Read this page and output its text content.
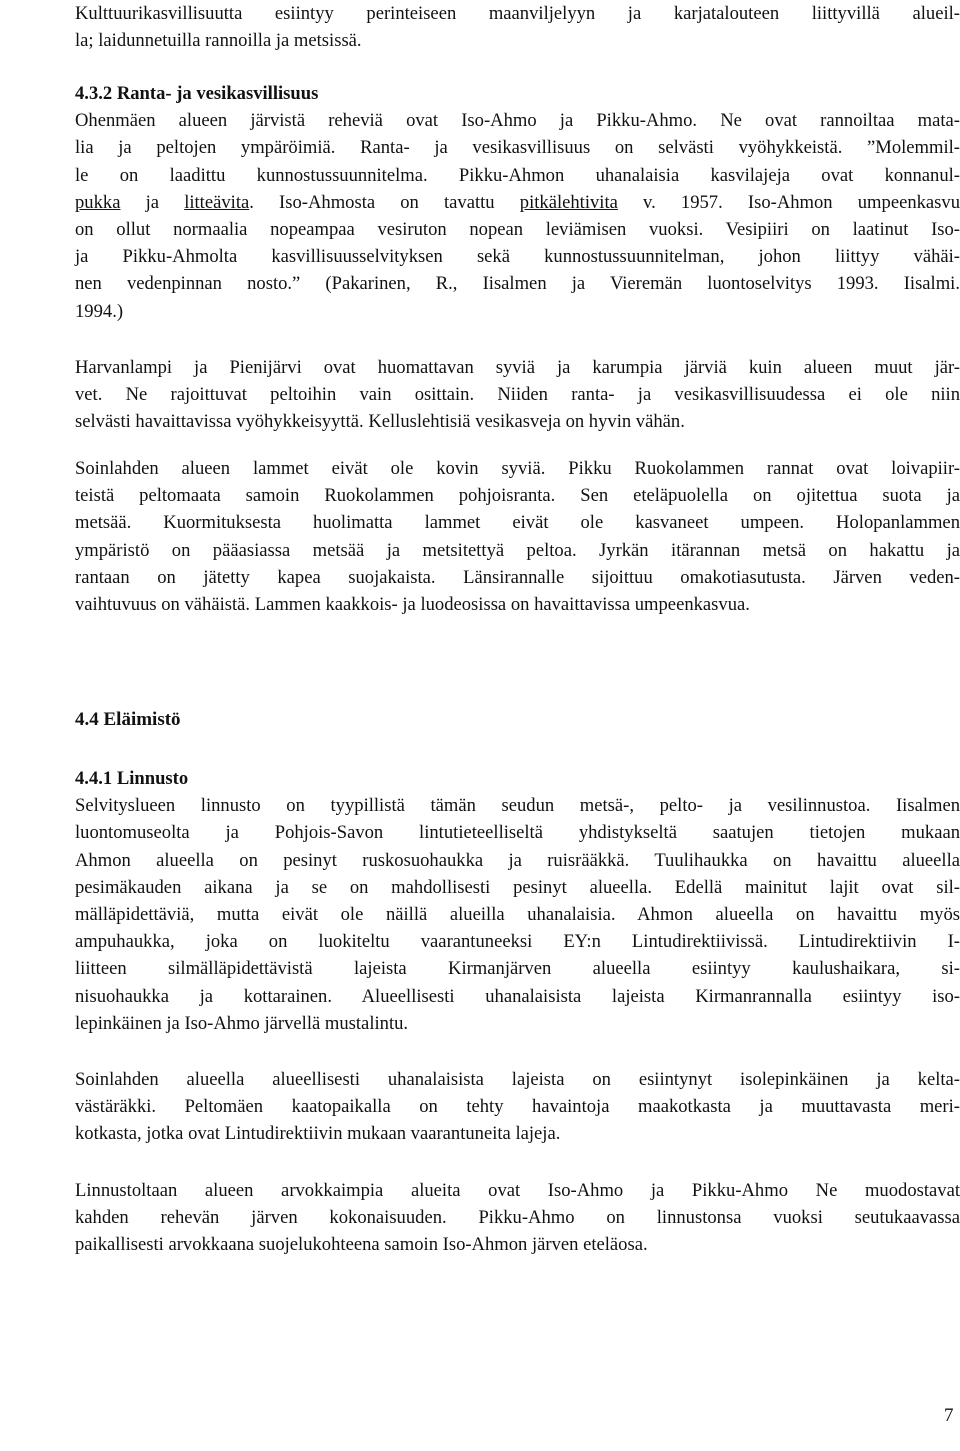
Kulttuurikasvillisuutta esiintyy perinteiseen maanviljelyyn ja karjatalouteen liittyvillä alueil-
la; laidunnetuilla rannoilla ja metsissä.
4.3.2 Ranta- ja vesikasvillisuus
Ohenmäen alueen järvistä reheviä ovat Iso-Ahmo ja Pikku-Ahmo. Ne ovat rannoiltaa mata-
lia ja peltojen ympäröimiä. Ranta- ja vesikasvillisuus on selvästi vyöhykkeistä. ”Molemmil-
le on laadittu kunnostussuunnitelma. Pikku-Ahmon uhanalaisia kasvilajeja ovat konnanul-
pukka ja litteävita. Iso-Ahmosta on tavattu pitkälehtivita v. 1957. Iso-Ahmon umpeenkasvu
on ollut normaalia nopeampaa vesiruton nopean leviämisen vuoksi. Vesipiiri on laatinut Iso-
ja Pikku-Ahmolta kasvillisuusselvityksen sekä kunnostussuunnitelman, johon liittyy vähäi-
nen vedenpinnan nosto.” (Pakarinen, R., Iisalmen ja Vieremän luontoselvitys 1993. Iisalmi.
1994.)
Harvanlampi ja Pienijärvi ovat huomattavan syviä ja karumpia järviä kuin alueen muut jär-
vet. Ne rajoittuvat peltoihin vain osittain. Niiden ranta- ja vesikasvillisuudessa ei ole niin
selvästi havaittavissa vyöhykkeisyyttä. Kelluslehtisiä vesikasveja on hyvin vähän.
Soinlahden alueen lammet eivät ole kovin syviä. Pikku Ruokolammen rannat ovat loivapiir-
teistä peltomaata samoin Ruokolammen pohjoisranta. Sen eteläpuolella on ojitettua suota ja
metsää. Kuormituksesta huolimatta lammet eivät ole kasvaneet umpeen. Holopanlammen
ympäristö on pääasiassa metsää ja metsitettyä peltoa. Jyrkän itärannan metsä on hakattu ja
rantaan on jätetty kapea suojakaista. Länsirannalle sijoittuu omakotiasutusta. Järven veden-
vaihtuvuus on vähäistä. Lammen kaakkois- ja luodeosissa on havaittavissa umpeenkasvua.
4.4 Eläimistö
4.4.1 Linnusto
Selvityslueen linnusto on tyypillistä tämän seudun metsä-, pelto- ja vesilinnustoa. Iisalmen
luontomuseolta ja Pohjois-Savon lintutieteelliseltä yhdistykseltä saatujen tietojen mukaan
Ahmon alueella on pesinyt ruskosuohaukka ja ruisrääkkä. Tuulihaukka on havaittu alueella
pesimäkauden aikana ja se on mahdollisesti pesinyt alueella. Edellä mainitut lajit ovat sil-
mälläpidettäviä, mutta eivät ole näillä alueilla uhanalaisia. Ahmon alueella on havaittu myös
ampuhaukka, joka on luokiteltu vaarantuneeksi EY:n Lintudirektiivissä. Lintudirektiivin I-
liitteen silmälläpidettävistä lajeista Kirmanjärven alueella esiintyy kaulushaikara, si-
nisuohaukka ja kottarainen. Alueellisesti uhanalaisista lajeista Kirmanrannalla esiintyy iso-
lepinkäinen ja Iso-Ahmo järvellä mustalintu.
Soinlahden alueella alueellisesti uhanalaisista lajeista on esiintynyt isolepinkäinen ja kelta-
västäräkki. Peltomäen kaatopaikalla on tehty havaintoja maakotkasta ja muuttavasta meri-
kotkasta, jotka ovat Lintudirektiivin mukaan vaarantuneita lajeja.
Linnustoltaan alueen arvokkaimpia alueita ovat Iso-Ahmo ja Pikku-Ahmo Ne muodostavat
kahden rehevän järven kokonaisuuden. Pikku-Ahmo on linnustonsa vuoksi seutukaavassa
paikallisesti arvokkaana suojelukohteena samoin Iso-Ahmon järven eteläosa.
7
